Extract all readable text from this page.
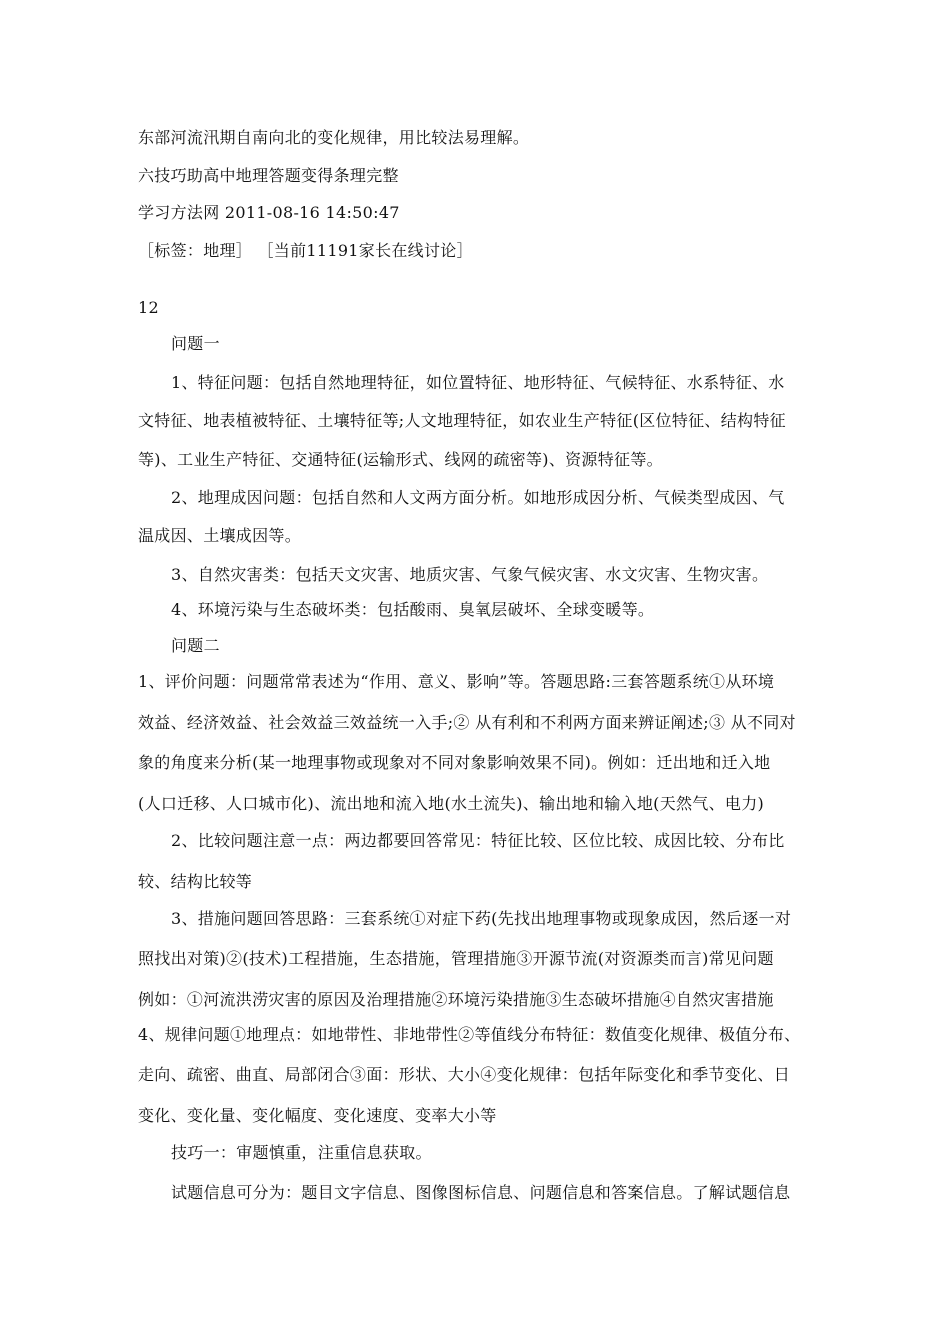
东部河流汛期自南向北的变化规律，用比较法易理解。
六技巧助高中地理答题变得条理完整
学习方法网 2011-08-16 14:50:47
［标签：地理］ ［当前11191家长在线讨论］
12
问题一
1、特征问题：包括自然地理特征，如位置特征、地形特征、气候特征、水系特征、水
文特征、地表植被特征、土壤特征等;人文地理特征，如农业生产特征(区位特征、结构特征
等)、工业生产特征、交通特征(运输形式、线网的疏密等)、资源特征等。
2、地理成因问题：包括自然和人文两方面分析。如地形成因分析、气候类型成因、气
温成因、土壤成因等。
3、自然灾害类：包括天文灾害、地质灾害、气象气候灾害、水文灾害、生物灾害。
4、环境污染与生态破坏类：包括酸雨、臭氧层破坏、全球变暖等。
问题二
1、评价问题：问题常常表述为“作用、意义、影响”等。答题思路:三套答题系统①从环境
效益、经济效益、社会效益三效益统一入手;② 从有利和不利两方面来辨证阐述;③ 从不同对
象的角度来分析(某一地理事物或现象对不同对象影响效果不同)。例如：迁出地和迁入地
(人口迁移、人口城市化)、流出地和流入地(水土流失)、输出地和输入地(天然气、电力)
2、比较问题注意一点：两边都要回答常见：特征比较、区位比较、成因比较、分布比
较、结构比较等
3、措施问题回答思路：三套系统①对症下药(先找出地理事物或现象成因，然后逐一对
照找出对策)②(技术)工程措施，生态措施，管理措施③开源节流(对资源类而言)常见问题
例如：①河流洪涝灾害的原因及治理措施②环境污染措施③生态破坏措施④自然灾害措施
4、规律问题①地理点：如地带性、非地带性②等值线分布特征：数值变化规律、极值分布、
走向、疏密、曲直、局部闭合③面：形状、大小④变化规律：包括年际变化和季节变化、日
变化、变化量、变化幅度、变化速度、变率大小等
技巧一：审题慎重，注重信息获取。
试题信息可分为：题目文字信息、图像图标信息、问题信息和答案信息。了解试题信息
